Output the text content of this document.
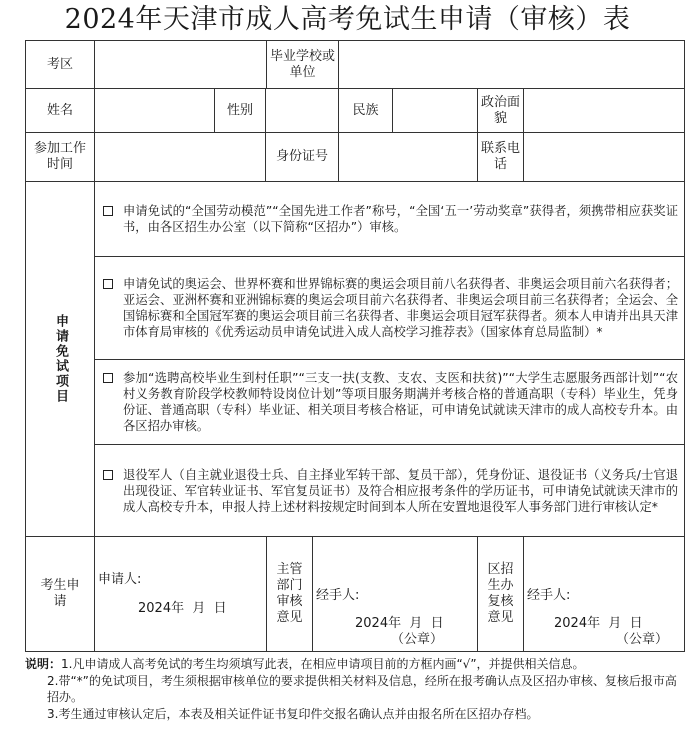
2024年天津市成人高考免试生申请（审核）表
考区
毕业学校或单位
姓名	性别	民族
政治面貌
参加工作时间
身份证号
联系电话
申请免试项目
申请免试的“全国劳动模范”“全国先进工作者”称号，“全国‘五一’劳动奖章”获得者，须携带相应获奖证书，由各区招生办公室（以下简称“区招办”）审核。
申请免试的奥运会、世界杯赛和世界锦标赛的奥运会项目前八名获得者、非奥运会项目前六名获得者；亚运会、亚洲杯赛和亚洲锦标赛的奥运会项目前六名获得者、非奥运会项目前三名获得者；全运会、全国锦标赛和全国冠军赛的奥运会项目前三名获得者、非奥运会项目冠军获得者。须本人申请并出具天津市体育局审核的《优秀运动员申请免试进入成人高校学习推荐表》（国家体育总局监制）*
参加“选聘高校毕业生到村任职”“三支一扶(支教、支农、支医和扶贫)”“大学生志愿服务西部计划”“农村义务教育阶段学校教师特设岗位计划”等项目服务期满并考核合格的普通高职（专科）毕业生，凭身份证、普通高职（专科）毕业证、相关项目考核合格证，可申请免试就读天津市的成人高校专升本。由各区招办审核。
退役军人（自主就业退役士兵、自主择业军转干部、复员干部），凭身份证、退役证书（义务兵/士官退出现役证、军官转业证书、军官复员证书）及符合相应报考条件的学历证书，可申请免试就读天津市的成人高校专升本，申报人持上述材料按规定时间到本人所在安置地退役军人事务部门进行审核认定*
考生申请
申请人:
2024年  月  日
主管部门审核意见
经手人:
2024年  月  日
（公章）
区招生办复核意见
经手人:
2024年  月  日
（公章）
说明：1.凡申请成人高考免试的考生均须填写此表，在相应申请项目前的方框内画“√”，并提供相关信息。
2.带“*”的免试项目，考生须根据审核单位的要求提供相关材料及信息，经所在报考确认点及区招办审核、复核后报市高招办。
3.考生通过审核认定后，本表及相关证件证书复印件交报名确认点并由报名所在区招办存档。
